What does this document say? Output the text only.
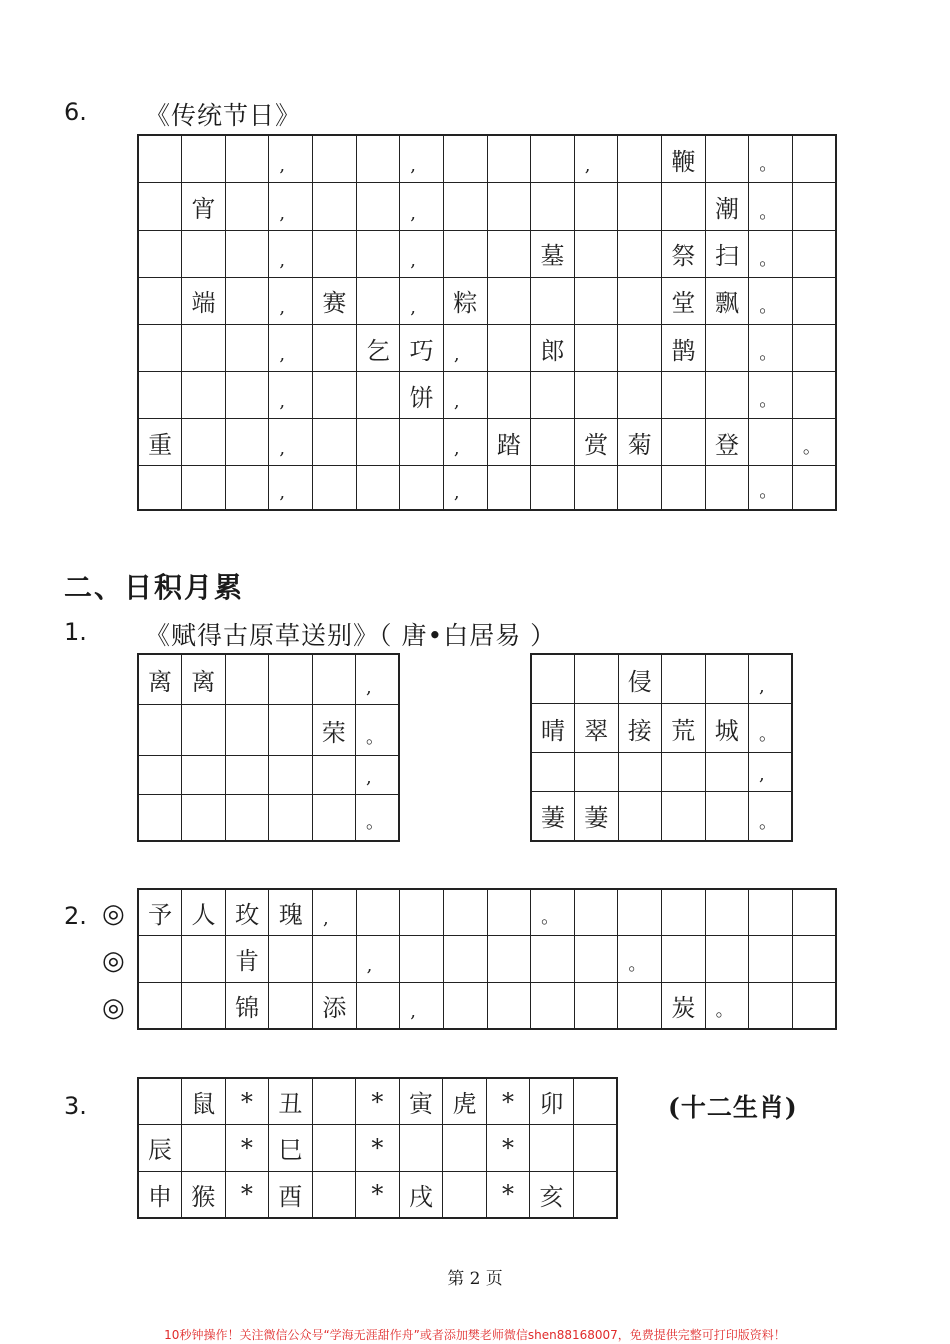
6. 《传统节日》
			,			,				,		鞭		。	
	宵		,			,							潮	。	
			,			,			墓			祭	扫	。	
	端		,	赛		,	粽					堂	飘	。	
			,		乞	巧	,		郎			鹊		。	
			,			饼	,							。	
重			,				,	踏		赏	菊		登		。
			,				,							。	
二、日积月累
1. 《赋得古原草送别》（ 唐•白居易 ）
离	离				,
				荣	。
					,
					。
		侵			,
晴	翠	接	荒	城	。
					,
萋	萋				。
2. ◎
◎
◎
予	人	玫	瑰	,					。						
		肯			,						。				
		锦		添		,						炭	。		
3.
		鼠	*	丑		*	寅	虎	*	卯	
辰		*	巳		*			*		
申	猴	*	酉		*	戌		*	亥	
(十二生肖)
第 2 页
10秒钟操作！关注微信公众号“学海无涯甜作舟”或者添加樊老师微信shen88168007，免费提供完整可打印版资料！
